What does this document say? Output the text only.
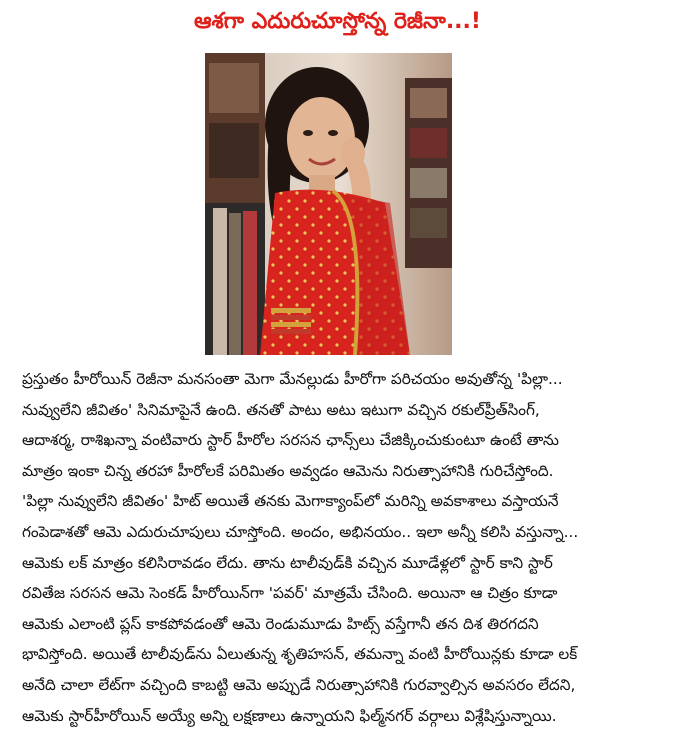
ఆశగా ఎదురుచూస్తోన్న రెజీనా...!
ప్రస్తుతం హీరోయిన్ రెజీనా మనసంతా మెగా మేనల్లుడు హీరోగా పరిచయం అవుతోన్న 'పిల్లా...
నువ్వులేని జీవితం' సినిమాపైనే ఉంది. తనతో పాటు అటు ఇటుగా వచ్చిన రకుల్‌ప్రీత్‌సింగ్,
ఆదాశర్మ, రాశిఖన్నా వంటివారు స్టార్ హీరోల సరసన ఛాన్స్‌లు చేజిక్కించుకుంటూ ఉంటే తాను
మాత్రం ఇంకా చిన్న తరహా హీరోలకే పరిమితం అవ్వడం ఆమెను నిరుత్సాహానికి గురిచేస్తోంది.
'పిల్లా నువ్వులేని జీవితం' హిట్ అయితే తనకు మెగాక్యాంప్‌లో మరిన్ని అవకాశాలు వస్తాయనే
గంపెడాశతో ఆమె ఎదురుచూపులు చూస్తోంది. అందం, అభినయం.. ఇలా అన్నీ కలిసి వస్తున్నా...
ఆమెకు లక్ మాత్రం కలిసిరావడం లేదు. తాను టాలీవుడ్‌కి వచ్చిన మూడేళ్లలో స్టార్ కాని స్టార్
రవితేజ సరసన ఆమె సెంకడ్ హీరోయిన్‌గా 'పవర్' మాత్రమే చేసింది. అయినా ఆ చిత్రం కూడా
ఆమెకు ఎలాంటి ప్లస్ కాకపోవడంతో ఆమె రెండుమూడు హిట్స్ వస్తేగానీ తన దిశ తిరగదని
భావిస్తోంది. అయితే టాలీవుడ్‌ను ఏలుతున్న శృతిహసన్, తమన్నా వంటి హీరోయిన్లకు కూడా లక్
అనేది చాలా లేట్‌గా వచ్చింది కాబట్టి ఆమె అప్పుడే నిరుత్సాహానికి గురవ్వాల్సిన అవసరం లేదని,
ఆమెకు స్టార్‌హీరోయిన్ అయ్యే అన్ని లక్షణాలు ఉన్నాయని ఫిల్మ్‌నగర్ వర్గాలు విశ్లేషిస్తున్నాయి.
